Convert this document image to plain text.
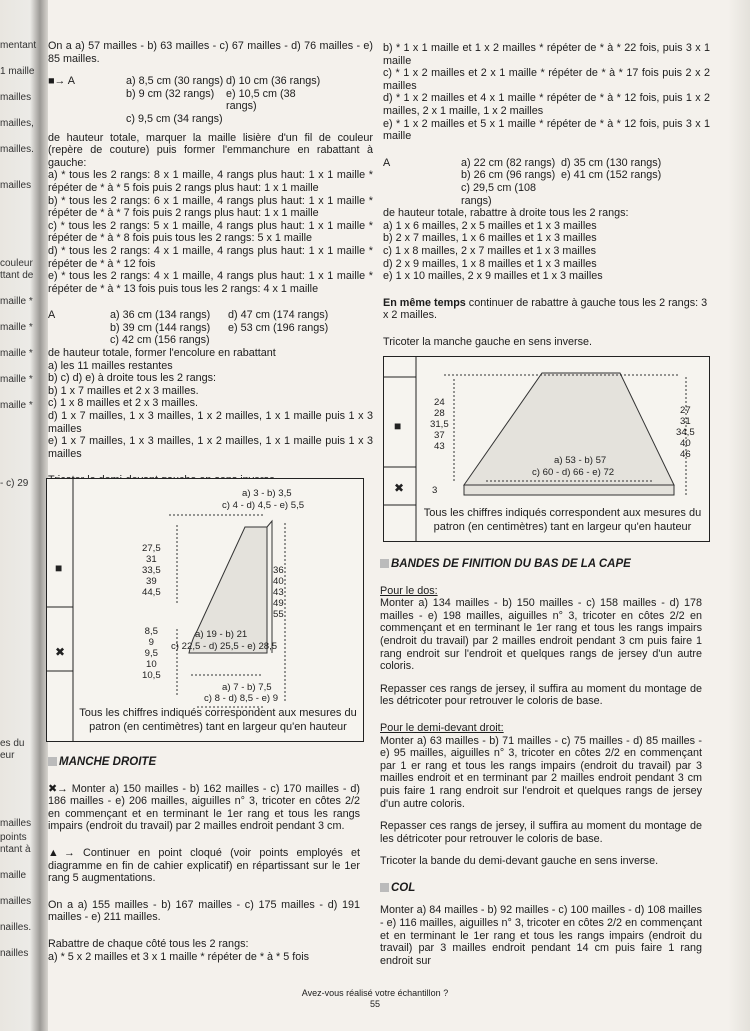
mentant
1 maille
mailles
mailles,
mailles.
mailles
couleur
ttant de
maille *
maille *
maille *
maille *
maille *
- c) 29
es du
eur
mailles
points
ntant à
maille
mailles
nailles.
nailles

On a a) 57 mailles - b) 63 mailles - c) 67 mailles - d) 76 mailles - e) 85 mailles.

■→ A	a) 8,5 cm (30 rangs) d) 10 cm (36 rangs)
b) 9 cm (32 rangs)	e) 10,5 cm (38 rangs)
c) 9,5 cm (34 rangs)

de hauteur totale, marquer la maille lisière d'un fil de couleur (repère de couture) puis former l'emmanchure en rabattant à gauche:

a) * tous les 2 rangs: 8 x 1 maille, 4 rangs plus haut: 1 x 1 maille * répéter de * à * 5 fois puis 2 rangs plus haut: 1 x 1 maille

b) * tous les 2 rangs: 6 x 1 maille, 4 rangs plus haut: 1 x 1 maille * répéter de * à * 7 fois puis 2 rangs plus haut: 1 x 1 maille

c) * tous les 2 rangs: 5 x 1 maille, 4 rangs plus haut: 1 x 1 maille * répéter de * à * 8 fois puis tous les 2 rangs: 5 x 1 maille

d) * tous les 2 rangs: 4 x 1 maille, 4 rangs plus haut: 1 x 1 maille * répéter de * à * 12 fois

e) * tous les 2 rangs: 4 x 1 maille, 4 rangs plus haut: 1 x 1 maille * répéter de * à * 13 fois puis tous les 2 rangs: 4 x 1 maille

A	a) 36 cm (134 rangs)	d) 47 cm (174 rangs)
b) 39 cm (144 rangs)	e) 53 cm (196 rangs)
c) 42 cm (156 rangs)

de hauteur totale, former l'encolure en rabattant

a) les 11 mailles restantes

b) c) d) e) à droite tous les 2 rangs:

b) 1 x 7 mailles et 2 x 3 mailles.

c) 1 x 8 mailles et 2 x 3 mailles.

d) 1 x 7 mailles, 1 x 3 mailles, 1 x 2 mailles, 1 x 1 maille puis 1 x 3 mailles

e) 1 x 7 mailles, 1 x 3 mailles, 1 x 2 mailles, 1 x 1 maille puis 1 x 3 mailles

a) 3 - b) 3,5
c) 4 - d) 4,5 - e) 5,5
27,5
31
33,5
39
44,5
36
40
43
49
55
a) 19 - b) 21
c) 22,5 - d) 25,5 - e) 28,5
8,5
9
9,5
10
10,5
a) 7 - b) 7,5
c) 8 - d) 8,5 - e) 9
■
✖
Tous les chiffres indiqués correspondent aux mesures du
patron (en centimètres) tant en largeur qu'en hauteur
MANCHE DROITE

✖→ Monter a) 150 mailles - b) 162 mailles - c) 170 mailles - d) 186 mailles - e) 206 mailles, aiguilles n° 3, tricoter en côtes 2/2 en commençant et en terminant le 1er rang et tous les rangs impairs (endroit du travail) par 2 mailles endroit pendant 3 cm.

▲→ Continuer en point cloqué (voir points employés et diagramme en fin de cahier explicatif) en répartissant sur le 1er rang 5 augmentations.

On a a) 155 mailles - b) 167 mailles - c) 175 mailles - d) 191 mailles - e) 211 mailles.

Rabattre de chaque côté tous les 2 rangs:

a) * 5 x 2 mailles et 3 x 1 maille * répéter de * à * 5 fois

b) * 1 x 1 maille et 1 x 2 mailles * répéter de * à * 22 fois, puis 3 x 1 maille

c) * 1 x 2 mailles et 2 x 1 maille * répéter de * à * 17 fois puis 2 x 2 mailles

d) * 1 x 2 mailles et 4 x 1 maille * répéter de * à * 12 fois, puis 1 x 2 mailles, 2 x 1 maille, 1 x 2 mailles

e) * 1 x 2 mailles et 5 x 1 maille * répéter de * à * 12 fois, puis 3 x 1 maille

A	a) 22 cm (82 rangs) d) 35 cm (130 rangs)
b) 26 cm (96 rangs) e) 41 cm (152 rangs)
c) 29,5 cm (108 rangs)

de hauteur totale, rabattre à droite tous les 2 rangs:

a) 1 x 6 mailles, 2 x 5 mailles et 1 x 3 mailles

b) 2 x 7 mailles, 1 x 6 mailles et 1 x 3 mailles

c) 1 x 8 mailles, 2 x 7 mailles et 1 x 3 mailles

d) 2 x 9 mailles, 1 x 8 mailles et 1 x 3 mailles

e) 1 x 10 mailles, 2 x 9 mailles et 1 x 3 mailles

En même temps continuer de rabattre à gauche tous les 2 rangs: 3 x 2 mailles.

Tricoter la manche gauche en sens inverse.

24
28
31,5
37
43
27
31
34,5
40
46
a) 53 - b) 57
c) 60 - d) 66 - e) 72
3
■
✖
Tous les chiffres indiqués correspondent aux mesures du
patron (en centimètres) tant en largeur qu'en hauteur
BANDES DE FINITION DU BAS DE LA CAPE

Pour le dos:

Monter a) 134 mailles - b) 150 mailles - c) 158 mailles - d) 178 mailles - e) 198 mailles, aiguilles n° 3, tricoter en côtes 2/2 en commençant et en terminant le 1er rang et tous les rangs impairs (endroit du travail) par 2 mailles endroit pendant 3 cm puis faire 1 rang endroit sur l'endroit et quelques rangs de jersey d'un autre coloris.

Repasser ces rangs de jersey, il suffira au moment du montage de les détricoter pour retrouver le coloris de base.

Pour le demi-devant droit:

Monter a) 63 mailles - b) 71 mailles - c) 75 mailles - d) 85 mailles - e) 95 mailles, aiguilles n° 3, tricoter en côtes 2/2 en commençant par 1 er rang et tous les rangs impairs (endroit du travail) par 3 mailles endroit et en terminant par 2 mailles endroit pendant 3 cm puis faire 1 rang endroit sur l'endroit et quelques rangs de jersey d'un autre coloris.

Repasser ces rangs de jersey, il suffira au moment du montage de les détricoter pour retrouver le coloris de base.

Tricoter la bande du demi-devant gauche en sens inverse.

COL

Monter a) 84 mailles - b) 92 mailles - c) 100 mailles - d) 108 mailles - e) 116 mailles, aiguilles n° 3, tricoter en côtes 2/2 en commençant et en terminant le 1er rang et tous les rangs impairs (endroit du travail) par 3 mailles endroit pendant 14 cm puis faire 1 rang endroit sur

Avez-vous réalisé votre échantillon ?
55
